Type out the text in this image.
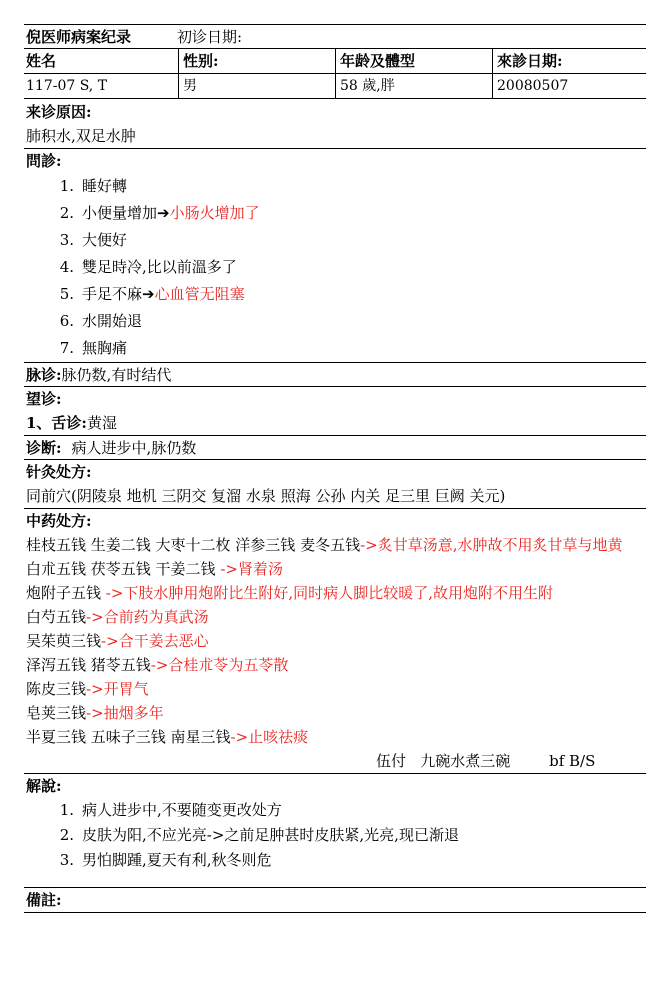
倪医师病案纪录	初诊日期:
姓名	性别:	年龄及體型	來診日期:
117-07 S, T	男	58 歲,胖	20080507
来诊原因:
肺积水,双足水肿
問診:
1. 睡好轉
2. 小便量增加 ➔ 小肠火增加了
3. 大便好
4. 雙足時冷,比以前溫多了
5. 手足不麻 ➔ 心血管无阻塞
6. 水開始退
7. 無胸痛
脉诊:脉仍数,有时结代
望诊:
1、舌诊:黄湿
诊断: 病人进步中,脉仍数
针灸处方:
同前穴(阴陵泉 地机 三阴交 复溜 水泉 照海 公孙 内关 足三里 巨阙 关元)
中药处方:
桂枝五钱 生姜二钱 大枣十二枚 洋参三钱 麦冬五钱->炙甘草汤意,水肿故不用炙甘草与地黄
白朮五钱 茯苓五钱 干姜二钱 ->肾着汤
炮附子五钱 ->下肢水肿用炮附比生附好,同时病人脚比较暖了,故用炮附不用生附
白芍五钱->合前药为真武汤
吴茱萸三钱->合干姜去恶心
泽泻五钱 猪苓五钱->合桂朮苓为五苓散
陈皮三钱->开胃气
皂荚三钱->抽烟多年
半夏三钱 五味子三钱 南星三钱->止咳祛痰
伍付   九碗水煮三碗	bf B/S
解說:
1. 病人进步中,不要随变更改处方
2. 皮肤为阳,不应光亮->之前足肿甚时皮肤紧,光亮,现已渐退
3. 男怕脚踵,夏天有利,秋冬则危
備註:
